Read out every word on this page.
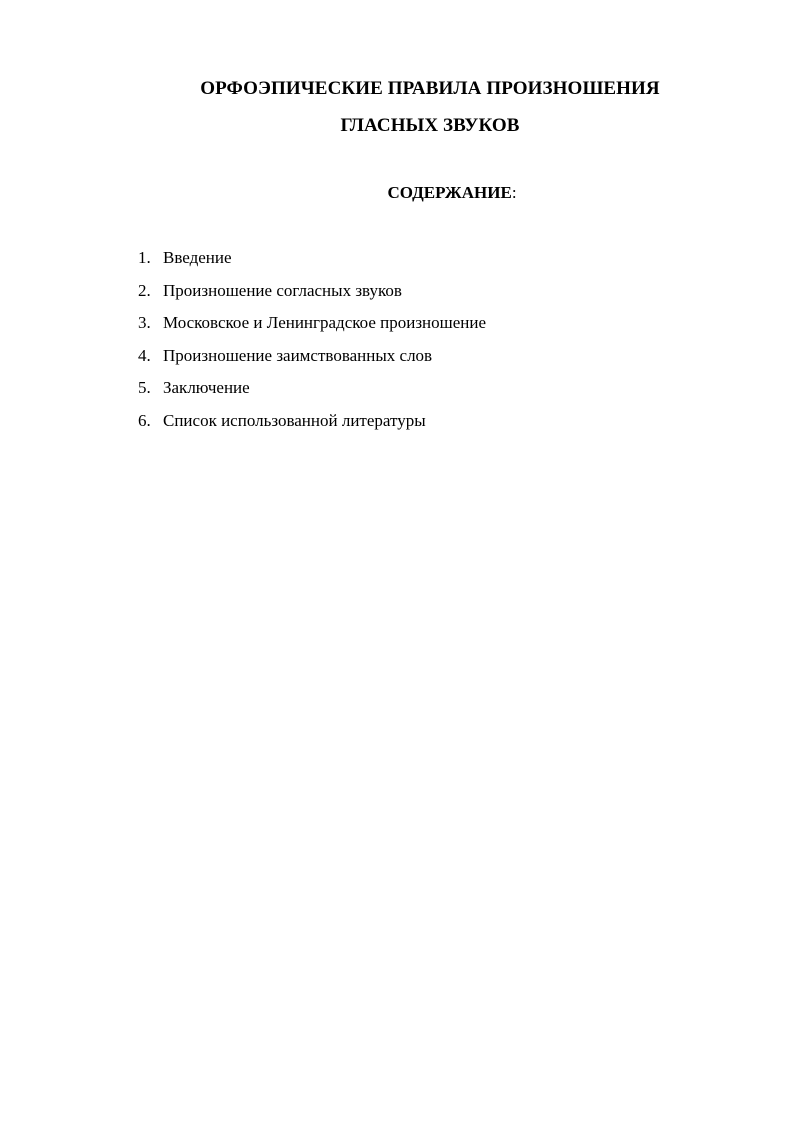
ОРФОЭПИЧЕСКИЕ ПРАВИЛА ПРОИЗНОШЕНИЯ
ГЛАСНЫХ ЗВУКОВ
СОДЕРЖАНИЕ:
1. Введение
2. Произношение согласных звуков
3. Московское и Ленинградское произношение
4. Произношение заимствованных слов
5. Заключение
6. Список использованной литературы
